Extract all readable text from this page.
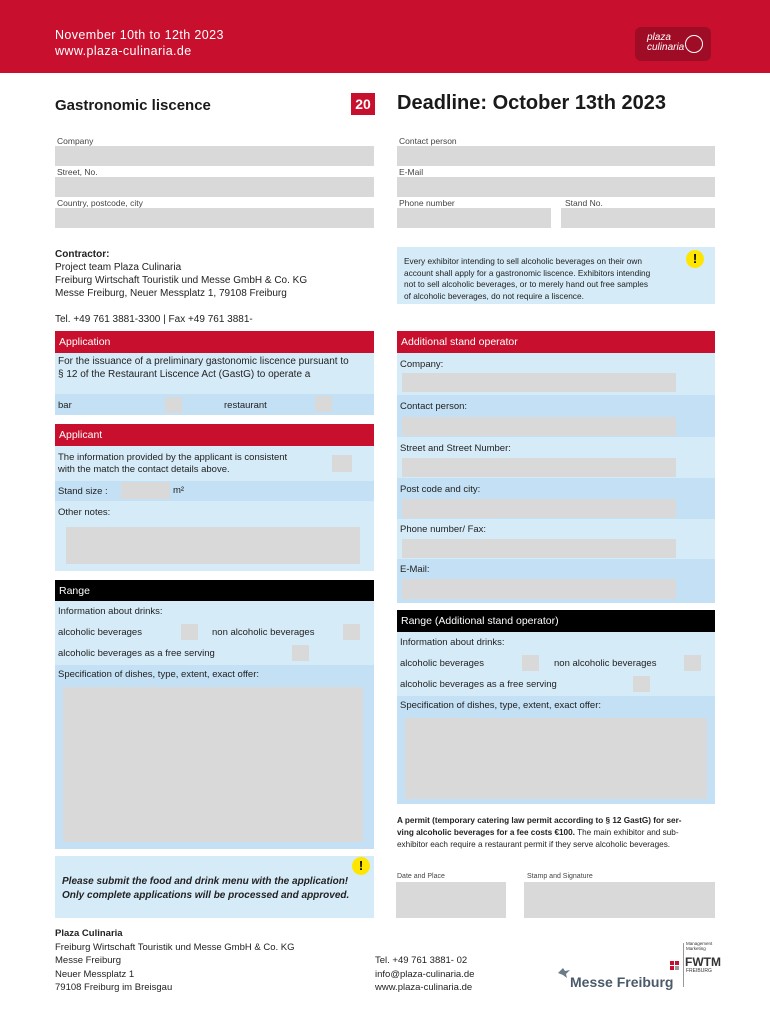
November 10th to 12th 2023
www.plaza-culinaria.de
plaza
culinaria
Gastronomic liscence	20 Deadline: October 13th 2023
Company
Street, No.
Country, postcode, city
Contact person
E-Mail
Phone number	Stand No.
Contractor:
Project team Plaza Culinaria
Freiburg Wirtschaft Touristik und Messe GmbH & Co. KG
Messe Freiburg, Neuer Messplatz 1, 79108 Freiburg
Tel. +49 761 3881-3300 | Fax +49 761 3881-
Every exhibitor intending to sell alcoholic beverages on their own
account shall apply for a gastronomic liscence. Exhibitors intending
not to sell alcoholic beverages, or to merely hand out free samples
of alcoholic beverages, do not require a liscence.
!
Application
For the issuance of a preliminary gastonomic liscence pursuant to
§ 12 of the Restaurant Liscence Act (GastG) to operate a
bar	restaurant
Applicant
The information provided by the applicant is consistent
with the match the contact details above.
Stand size :	m²
Other notes:
Range
Information about drinks:
alcoholic beverages	non alcoholic beverages
alcoholic beverages as a free serving
Specification of dishes, type, extent, exact offer:
Additional stand operator
Company:
Contact person:
Street and Street Number:
Post code and city:
Phone number/ Fax:
E-Mail:
Range (Additional stand operator)
Information about drinks:
alcoholic beverages	non alcoholic beverages
alcoholic beverages as a free serving
Specification of dishes, type, extent, exact offer:
A permit (temporary catering law permit according to § 12 GastG) for ser-
ving alcoholic beverages for a fee costs €100. The main exhibitor and sub-
exhibitor each require a restaurant permit if they serve alcoholic beverages.
Please submit the food and drink menu with the application!
Only complete applications will be processed and approved.
!
Date and Place	Stamp and Signature
Plaza Culinaria
Freiburg Wirtschaft Touristik und Messe GmbH & Co. KG
Messe Freiburg
Neuer Messplatz 1
79108 Freiburg im Breisgau
Tel. +49 761 3881- 02
info@plaza-culinaria.de
www.plaza-culinaria.de	Messe Freiburg
Management Marketing
FWTM
FREIBURG
